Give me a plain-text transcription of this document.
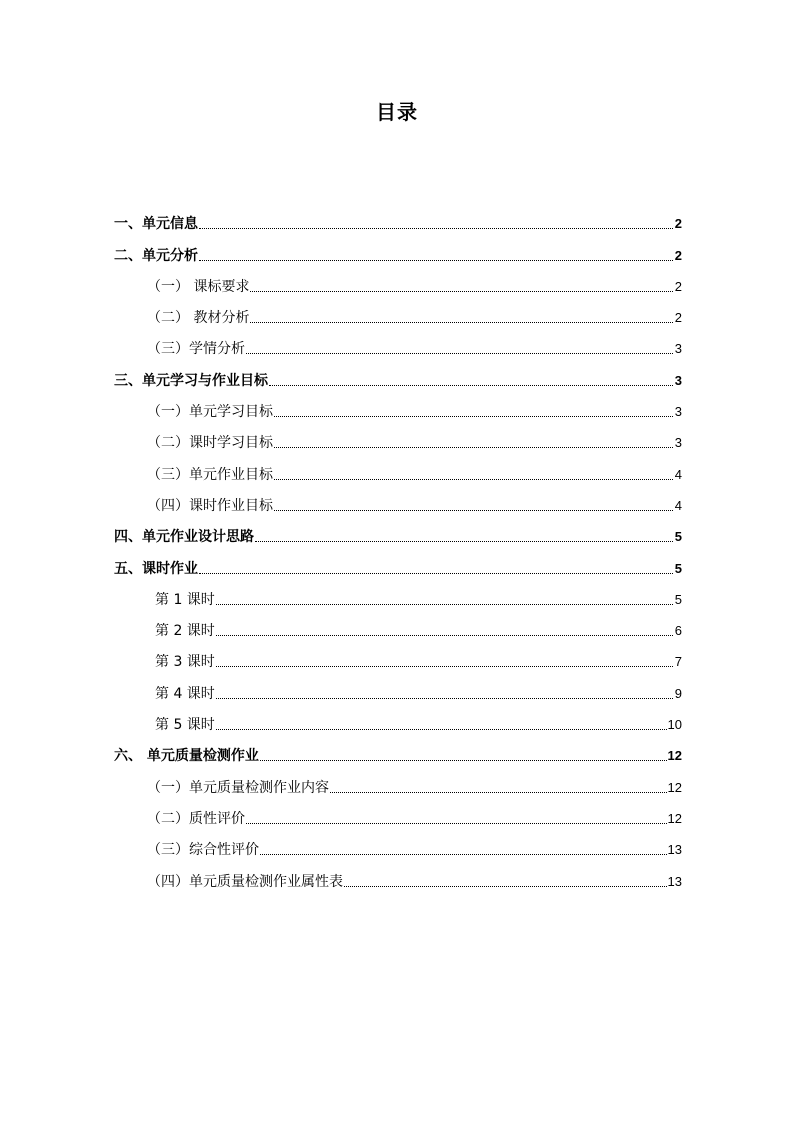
目录
一、单元信息	2
二、单元分析	2
（一） 课标要求	2
（二） 教材分析	2
（三）学情分析	3
三、单元学习与作业目标	3
（一）单元学习目标	3
（二）课时学习目标	3
（三）单元作业目标	4
（四）课时作业目标	4
四、单元作业设计思路	5
五、课时作业	5
第 1 课时	5
第 2 课时	6
第 3 课时	7
第 4 课时	9
第 5 课时	10
六、 单元质量检测作业	12
（一）单元质量检测作业内容	12
（二）质性评价	12
（三）综合性评价	13
（四）单元质量检测作业属性表	13
